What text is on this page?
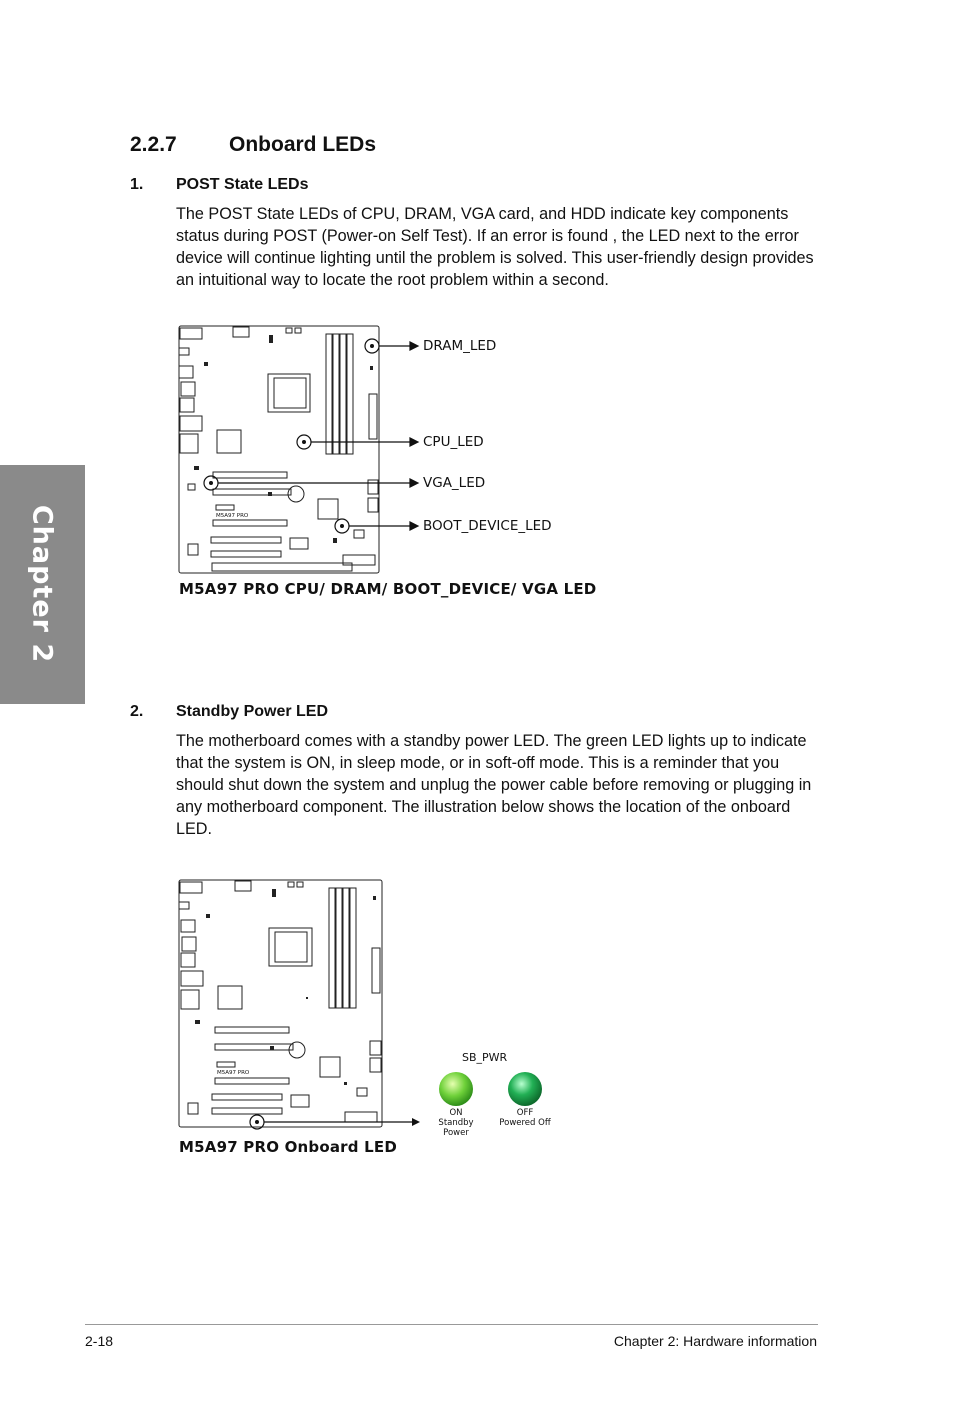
Chapter 2
2.2.7 Onboard LEDs
1. POST State LEDs
The POST State LEDs of CPU, DRAM, VGA card, and HDD indicate key components status during POST (Power-on Self Test). If an error is found , the LED next to the error device will continue lighting until the problem is solved. This user-friendly design provides an intuitional way to locate the root problem within a second.
DRAM_LED
CPU_LED
VGA_LED
BOOT_DEVICE_LED
M5A97 PRO
M5A97 PRO CPU/ DRAM/ BOOT_DEVICE/ VGA LED
2. Standby Power LED
The motherboard comes with a standby power LED. The green LED lights up to indicate that the system is ON, in sleep mode, or in soft-off mode. This is a reminder that you should shut down the system and unplug the power cable before removing or plugging in any motherboard component. The illustration below shows the location of the onboard LED.
M5A97 PRO
SB_PWR
ON
Standby Power
OFF
Powered Off
M5A97 PRO Onboard LED
2-18	Chapter 2: Hardware information
